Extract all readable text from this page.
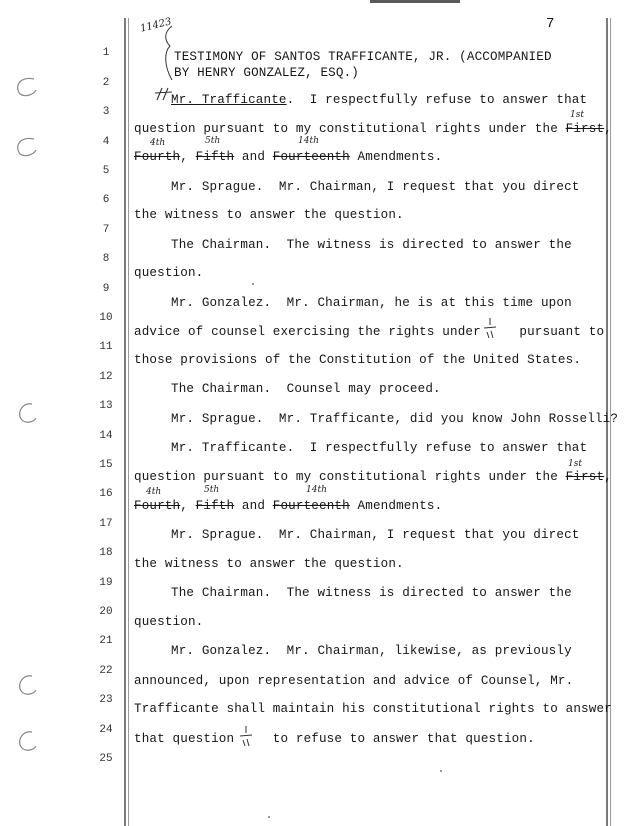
7
1
2
3
4
5
6
7
8
9
10
11
12
13
14
15
16
17
18
19
20
21
22
23
24
25
TESTIMONY OF SANTOS TRAFFICANTE, JR. (ACCOMPANIED
BY HENRY GONZALEZ, ESQ.)
11423
Mr. Trafficante.  I respectfully refuse to answer that
question pursuant to my constitutional rights under the First,
1st
Fourth, Fifth and Fourteenth Amendments.
4th	5th	14th
Mr. Sprague.  Mr. Chairman, I request that you direct
the witness to answer the question.
The Chairman.  The witness is directed to answer the
question.
Mr. Gonzalez.  Mr. Chairman, he is at this time upon
advice of counsel exercising the rights under     pursuant to
those provisions of the Constitution of the United States.
The Chairman.  Counsel may proceed.
Mr. Sprague.  Mr. Trafficante, did you know John Rosselli?
Mr. Trafficante.  I respectfully refuse to answer that
question pursuant to my constitutional rights under the First,
1st
Fourth, Fifth and Fourteenth Amendments.
4th	5th	14th
Mr. Sprague.  Mr. Chairman, I request that you direct
the witness to answer the question.
The Chairman.  The witness is directed to answer the
question.
Mr. Gonzalez.  Mr. Chairman, likewise, as previously
announced, upon representation and advice of Counsel, Mr.
Trafficante shall maintain his constitutional rights to answer
that question     to refuse to answer that question.
